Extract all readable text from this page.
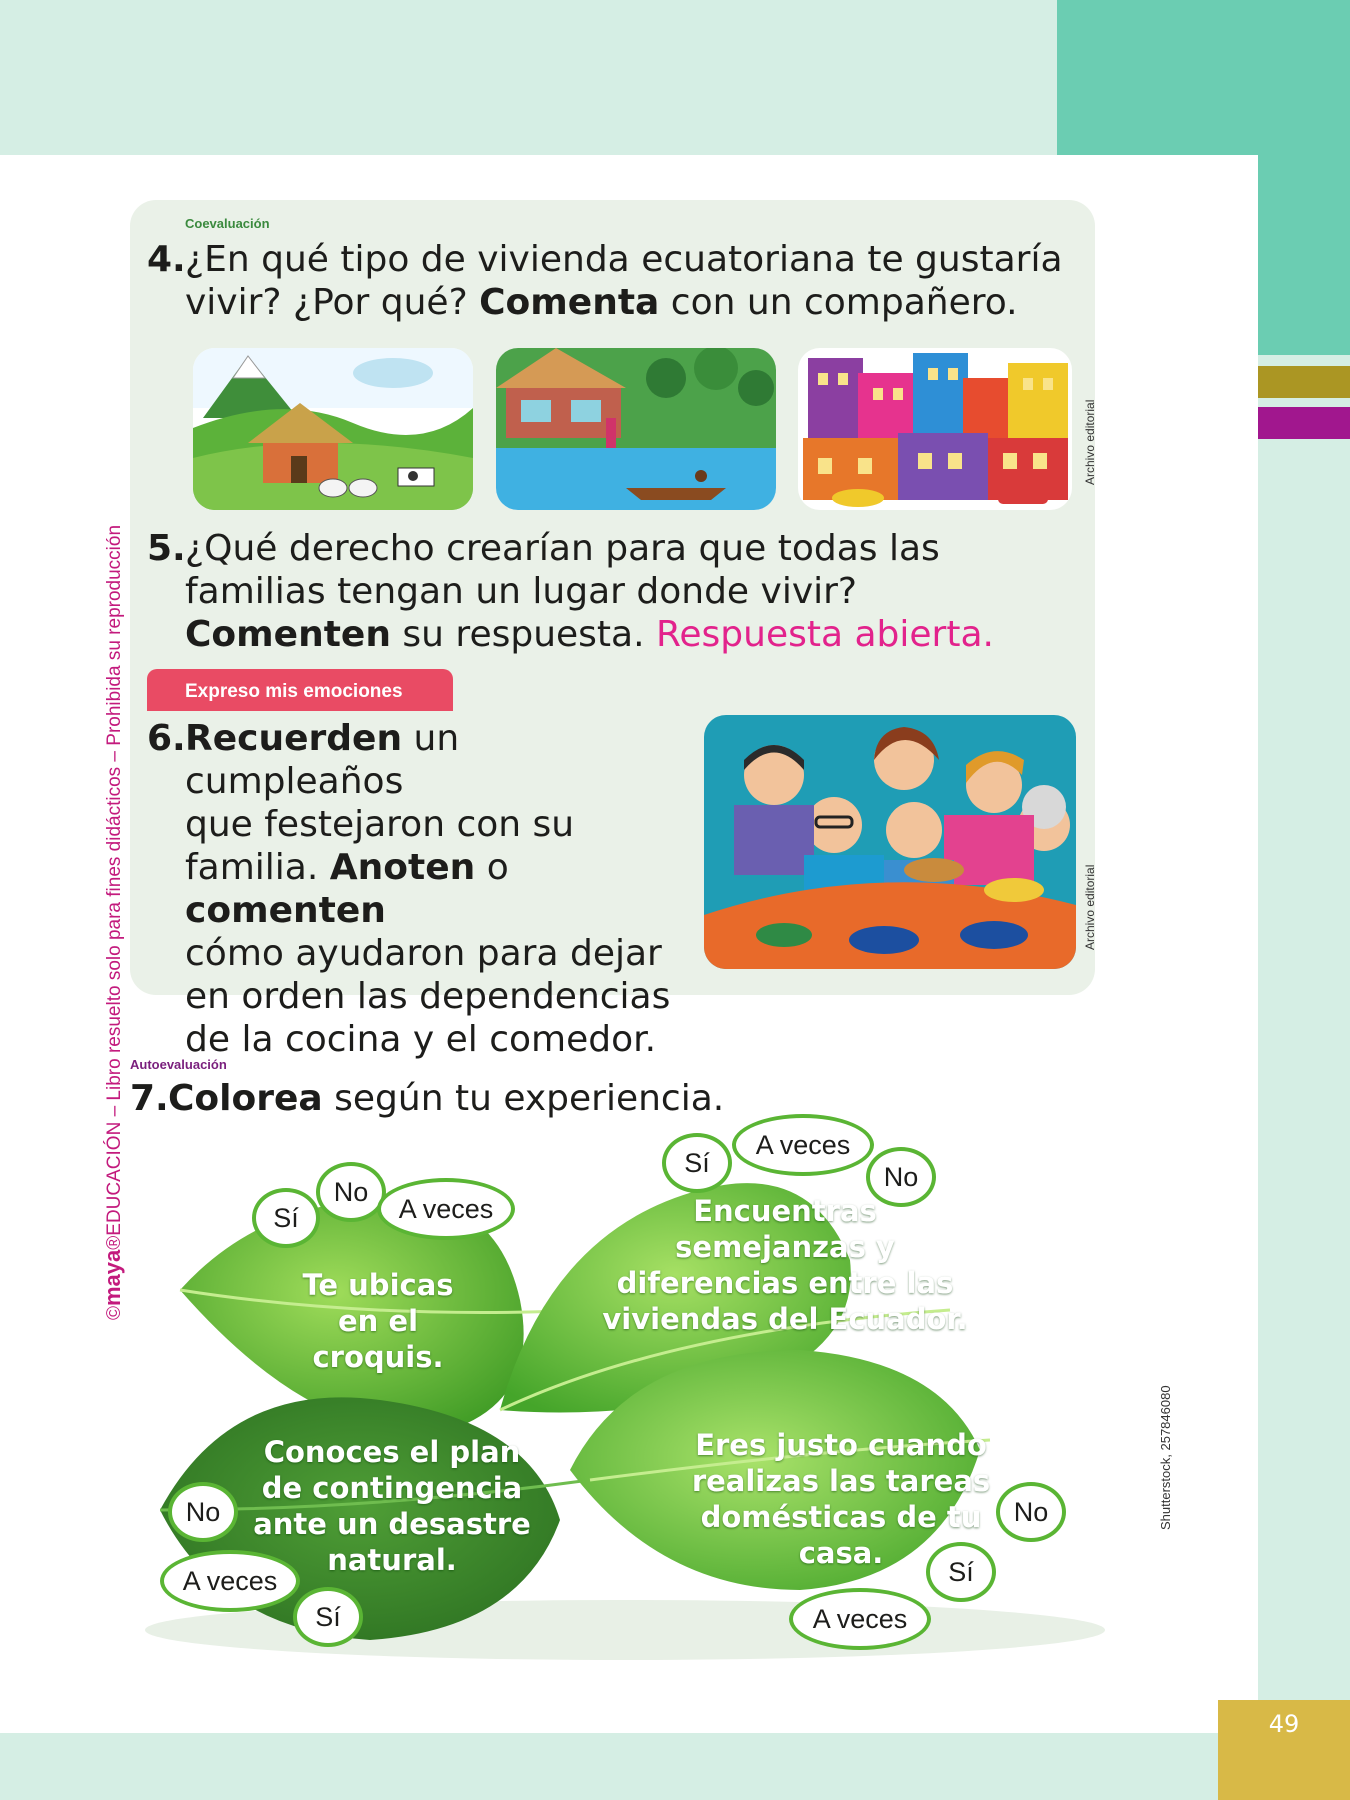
49
©maya®EDUCACIÓN – Libro resuelto solo para fines didácticos – Prohibida su reproducción
Coevaluación
4. ¿En qué tipo de vivienda ecuatoriana te gustaría
vivir? ¿Por qué? Comenta con un compañero.
Archivo editorial
5. ¿Qué derecho crearían para que todas las
familias tengan un lugar donde vivir?
Comenten su respuesta. Respuesta abierta.
Expreso mis emociones
6. Recuerden un cumpleaños
que festejaron con su
familia. Anoten o comenten
cómo ayudaron para dejar
en orden las dependencias
de la cocina y el comedor.
Archivo editorial
Autoevaluación
7. Colorea según tu experiencia.
Te ubicas
en el
croquis.
Encuentras
semejanzas y
diferencias entre las
viviendas del Ecuador.
Conoces el plan
de contingencia
ante un desastre
natural.
Eres justo cuando
realizas las tareas
domésticas de tu
casa.
Sí
No
A veces
Sí
A veces
No
No
A veces
Sí
No
Sí
A veces
Shutterstock, 257846080
